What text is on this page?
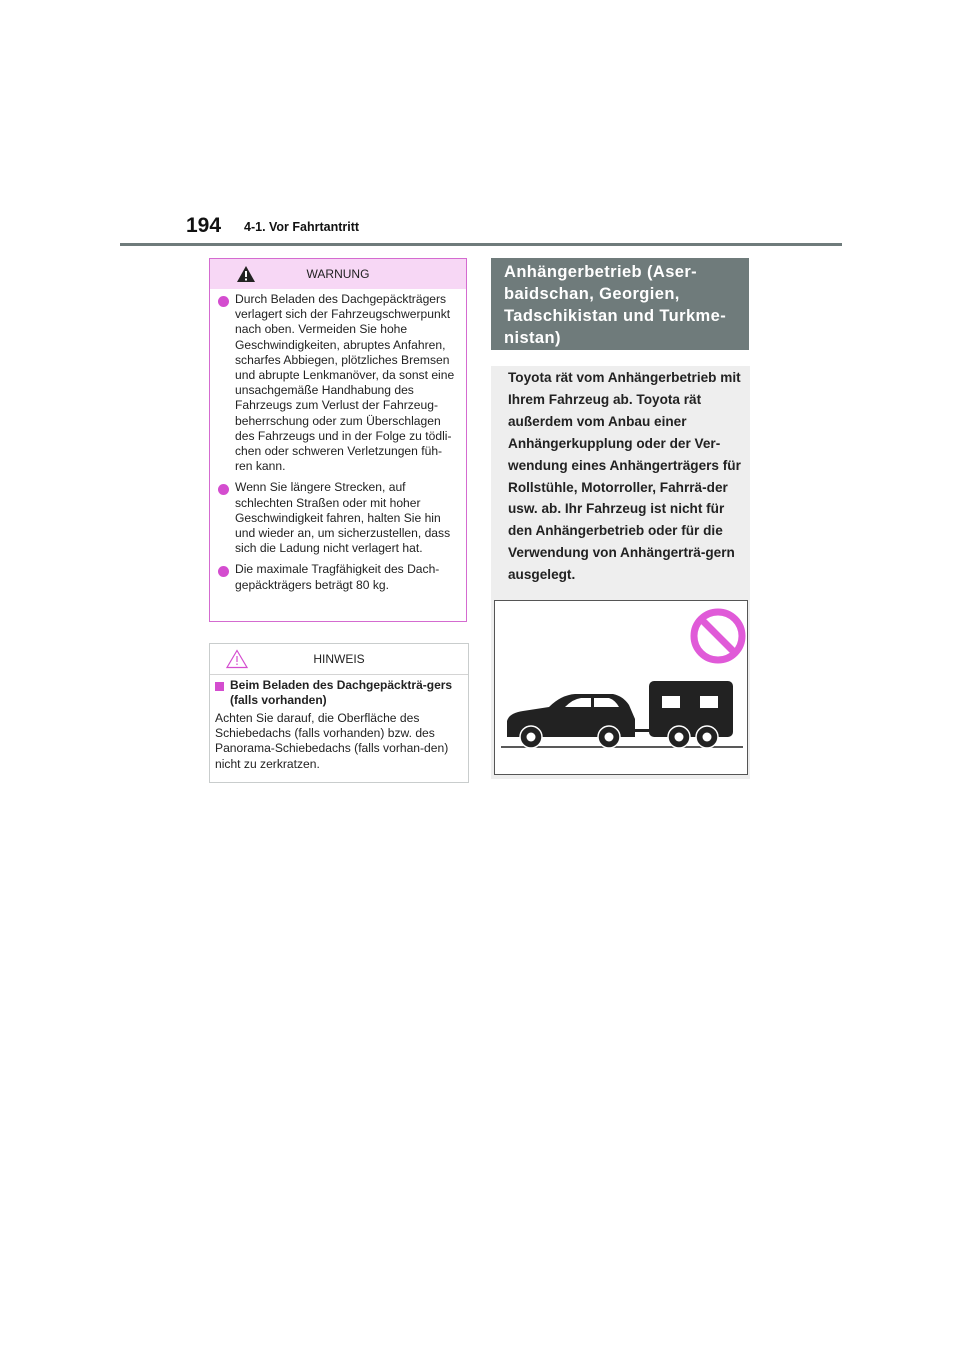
194 4-1. Vor Fahrtantritt
WARNUNG
Durch Beladen des Dachgepäckträgers verlagert sich der Fahrzeugschwerpunkt nach oben. Vermeiden Sie hohe Geschwindigkeiten, abruptes Anfahren, scharfes Abbiegen, plötzliches Bremsen und abrupte Lenkmanöver, da sonst eine unsachgemäße Handhabung des Fahrzeugs zum Verlust der Fahrzeug-beherrschung oder zum Überschlagen des Fahrzeugs und in der Folge zu tödli-chen oder schweren Verletzungen füh-ren kann.
Wenn Sie längere Strecken, auf schlechten Straßen oder mit hoher Geschwindigkeit fahren, halten Sie hin und wieder an, um sicherzustellen, dass sich die Ladung nicht verlagert hat.
Die maximale Tragfähigkeit des Dach-gepäckträgers beträgt 80 kg.
HINWEIS
Beim Beladen des Dachgepäckträ-gers (falls vorhanden)
Achten Sie darauf, die Oberfläche des Schiebedachs (falls vorhanden) bzw. des Panorama-Schiebedachs (falls vorhan-den) nicht zu zerkratzen.
Anhängerbetrieb (Aser-baidschan, Georgien, Tadschikistan und Turkme-nistan)
Toyota rät vom Anhängerbetrieb mit Ihrem Fahrzeug ab. Toyota rät außerdem vom Anbau einer Anhängerkupplung oder der Ver-wendung eines Anhängerträgers für Rollstühle, Motorroller, Fahrrä-der usw. ab. Ihr Fahrzeug ist nicht für den Anhängerbetrieb oder für die Verwendung von Anhängerträ-gern ausgelegt.
